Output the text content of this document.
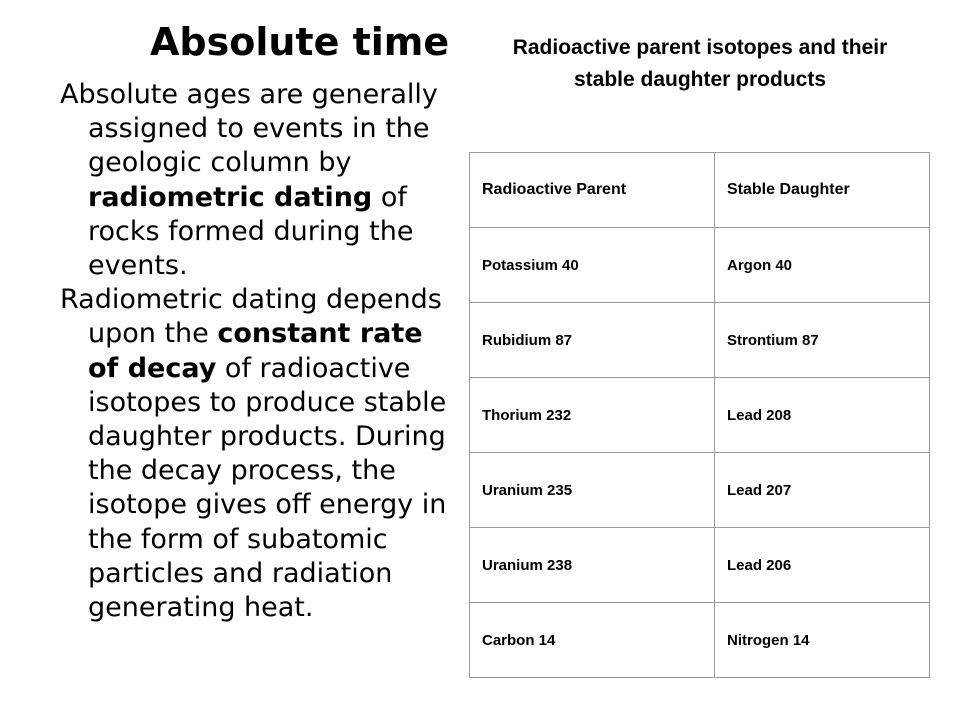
Absolute time

Absolute ages are generally assigned to events in the geologic column by radiometric dating of rocks formed during the events.

Radiometric dating depends upon the constant rate of decay of radioactive isotopes to produce stable daughter products. During the decay process, the isotope gives off energy in the form of subatomic particles and radiation generating heat.

Radioactive parent isotopes and their stable daughter products
Radioactive Parent	Stable Daughter
Potassium 40	Argon 40
Rubidium 87	Strontium 87
Thorium 232	Lead 208
Uranium 235	Lead 207
Uranium 238	Lead 206
Carbon 14	Nitrogen 14
